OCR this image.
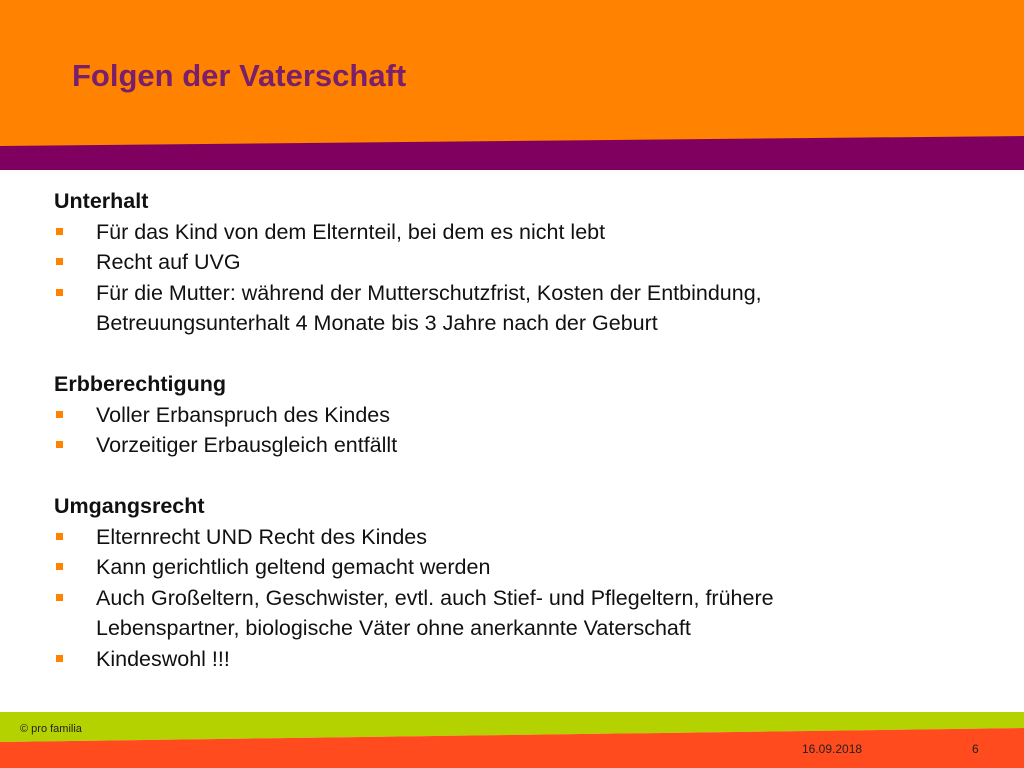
Folgen der Vaterschaft
Unterhalt
Für das Kind von dem Elternteil, bei dem es nicht lebt
Recht auf UVG
Für die Mutter: während der Mutterschutzfrist, Kosten der Entbindung,
Betreuungsunterhalt 4 Monate bis 3 Jahre nach der Geburt
Erbberechtigung
Voller Erbanspruch des Kindes
Vorzeitiger Erbausgleich entfällt
Umgangsrecht
Elternrecht UND Recht des Kindes
Kann gerichtlich geltend gemacht werden
Auch Großeltern, Geschwister, evtl. auch Stief- und Pflegeltern, frühere
Lebenspartner, biologische Väter ohne anerkannte Vaterschaft
Kindeswohl !!!
© pro familia
16.09.2018	6
